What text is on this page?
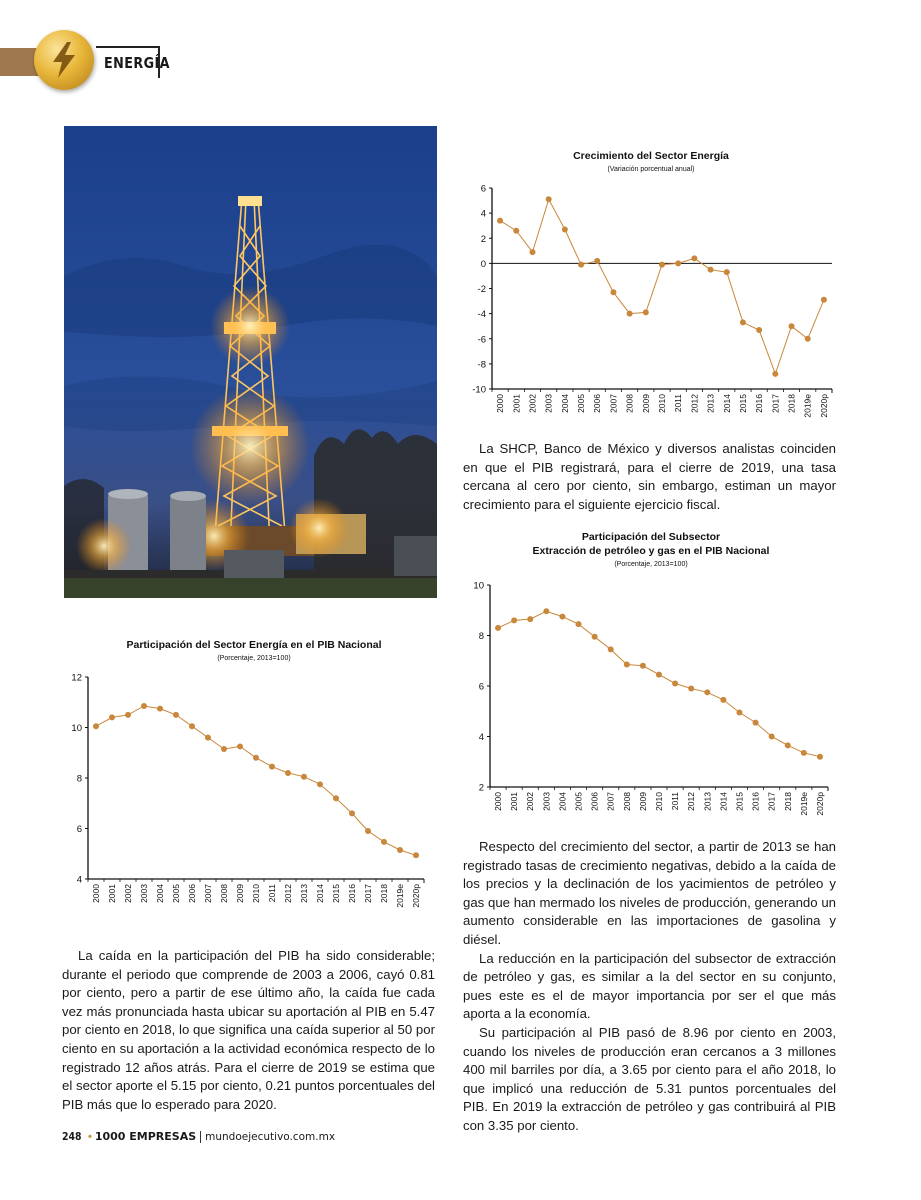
ENERGÍA
Crecimiento del Sector Energía
(Variación porcentual anual)
6
4
2
0
-2
-4
-6
-8
-10
2000 2001 2002 2003 2004 2005 2006 2007 2008 2009 2010 2011 2012 2013 2014 2015 2016 2017 2018 2019e 2020p
Participación del Subsector
Extracción de petróleo y gas en el PIB Nacional
(Porcentaje, 2013=100)
10
8
6
4
2
2000 2001 2002 2003 2004 2005 2006 2007 2008 2009 2010 2011 2012 2013 2014 2015 2016 2017 2018 2019e 2020p
Participación del Sector Energía en el PIB Nacional
(Porcentaje, 2013=100)
12
10
8
6
4
2000 2001 2002 2003 2004 2005 2006 2007 2008 2009 2010 2011 2012 2013 2014 2015 2016 2017 2018 2019e 2020p

La SHCP, Banco de México y diversos analistas coinciden en que el PIB registrará, para el cierre de 2019, una tasa cercana al cero por ciento, sin embargo, estiman un mayor crecimiento para el siguiente ejercicio fiscal.

Respecto del crecimiento del sector, a partir de 2013 se han registrado tasas de crecimiento negativas, debido a la caída de los precios y la declinación de los yacimientos de petróleo y gas que han mermado los niveles de producción, generando un aumento considerable en las importaciones de gasolina y diésel.

La reducción en la participación del subsector de extracción de petróleo y gas, es similar a la del sector en su conjunto, pues este es el de mayor importancia por ser el que más aporta a la economía.

Su participación al PIB pasó de 8.96 por ciento en 2003, cuando los niveles de producción eran cercanos a 3 millones 400 mil barriles por día, a 3.65 por ciento para el año 2018, lo que implicó una reducción de 5.31 puntos porcentuales del PIB. En 2019 la extracción de petróleo y gas contribuirá al PIB con 3.35 por ciento.

La caída en la participación del PIB ha sido considerable; durante el periodo que comprende de 2003 a 2006, cayó 0.81 por ciento, pero a partir de ese último año, la caída fue cada vez más pronunciada hasta ubicar su aportación al PIB en 5.47 por ciento en 2018, lo que significa una caída superior al 50 por ciento en su aportación a la actividad económica respecto de lo registrado 12 años atrás. Para el cierre de 2019 se estima que el sector aporte el 5.15 por ciento, 0.21 puntos porcentuales del PIB más que lo esperado para 2020.

248 • 1000 EMPRESAS mundoejecutivo.com.mx
